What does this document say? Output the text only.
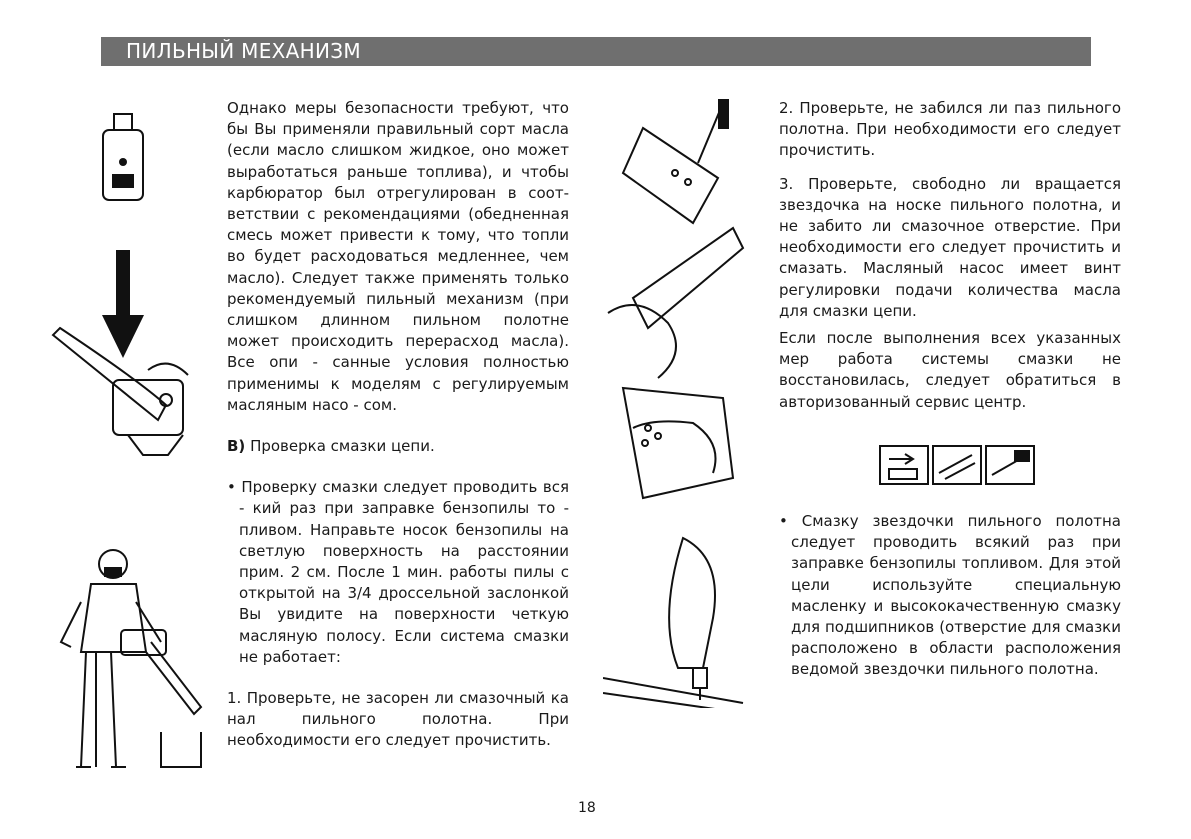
ПИЛЬНЫЙ МЕХАНИЗМ

Однако меры безопасности требуют, что бы Вы применяли правильный сорт масла (если масло слишком жидкое, оно может выработаться раньше топлива), и чтобы карбюратор был отрегулирован в соот-ветствии с рекомендациями (обедненная смесь может привести к тому, что топли во будет расходоваться медленнее, чем масло). Следует также применять только рекомендуемый пильный механизм (при слишком длинном пильном полотне может происходить перерасход масла). Все опи - санные условия полностью применимы к моделям с регулируемым масляным насо - сом.

B) Проверка смазки цепи.

• Проверку смазки следует проводить вся - кий раз при заправке бензопилы то - пливом. Направьте носок бензопилы на светлую поверхность на расстоянии прим. 2 см. После 1 мин. работы пилы с открытой на 3/4 дроссельной заслонкой Вы увидите на поверхности четкую масляную полосу. Если система смазки не работает:

1. Проверьте, не засорен ли смазочный ка нал пильного полотна. При необходимости его следует прочистить.

2. Проверьте, не забился ли паз пильного полотна. При необходимости его следует прочистить.

3. Проверьте, свободно ли вращается звездочка на носке пильного полотна, и не забито ли смазочное отверстие. При необходимости его следует прочистить и смазать. Масляный насос имеет винт регулировки подачи количества масла для смазки цепи.

Если после выполнения всех указанных мер работа системы смазки не восстановилась, следует обратиться в авторизованный сервис центр.

• Смазку звездочки пильного полотна следует проводить всякий раз при заправке бензопилы топливом. Для этой цели используйте специальную масленку и высококачественную смазку для подшипников (отверстие для смазки расположено в области расположения ведомой звездочки пильного полотна.

18
